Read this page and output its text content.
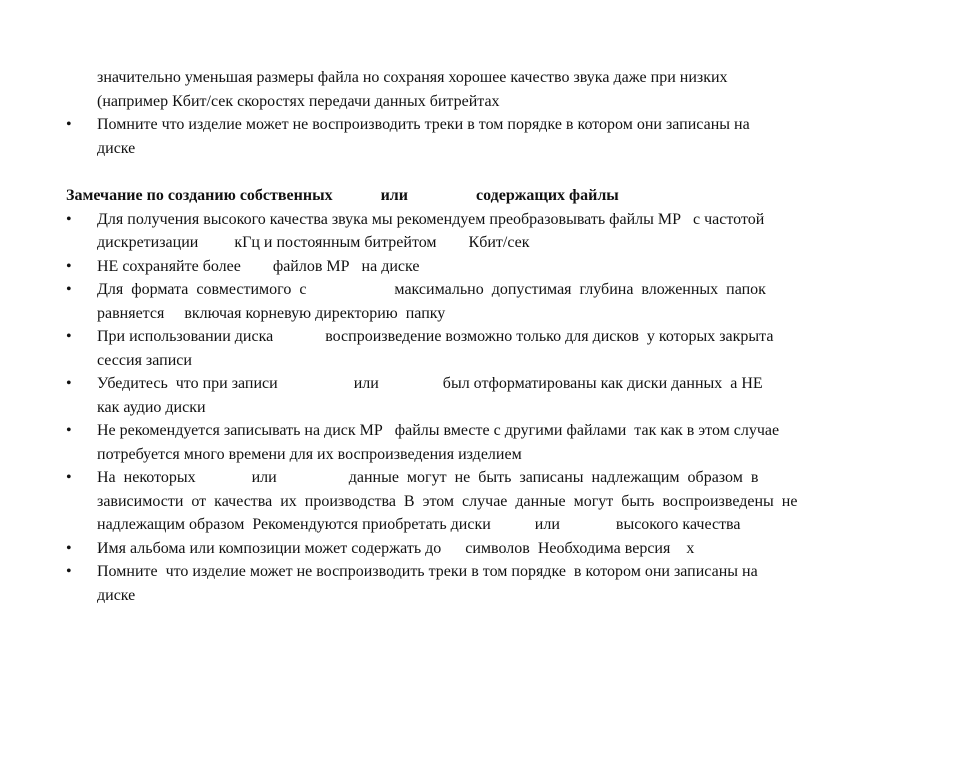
значительно уменьшая размеры файла но сохраняя хорошее качество звука даже при низких
(например Кбит/сек скоростях передачи данных битрейтах
•	Помните что изделие может не воспроизводить треки в том порядке в котором они записаны на
диске
Замечание по созданию собственных            или                 содержащих файлы
•	Для получения высокого качества звука мы рекомендуем преобразовывать файлы МР   с частотой
дискретизации         кГц и постоянным битрейтом        Кбит/сек
•	НЕ сохраняйте более        файлов МР   на диске
•	Для  формата  совместимого  с                      максимально  допустимая  глубина  вложенных  папок
равняется     включая корневую директорию  папку
•	При использовании диска             воспроизведение возможно только для дисков  у которых закрыта
сессия записи
•	Убедитесь  что при записи                   или                был отформатированы как диски данных  а НЕ
как аудио диски
•	Не рекомендуется записывать на диск МР   файлы вместе с другими файлами  так как в этом случае
потребуется много времени для их воспроизведения изделием
•	На  некоторых              или                  данные  могут  не  быть  записаны  надлежащим  образом  в
зависимости  от  качества  их  производства  В  этом  случае  данные  могут  быть  воспроизведены  не
надлежащим образом  Рекомендуются приобретать диски           или              высокого качества
•	Имя альбома или композиции может содержать до      символов  Необходима версия    х
•	Помните  что изделие может не воспроизводить треки в том порядке  в котором они записаны на
диске
